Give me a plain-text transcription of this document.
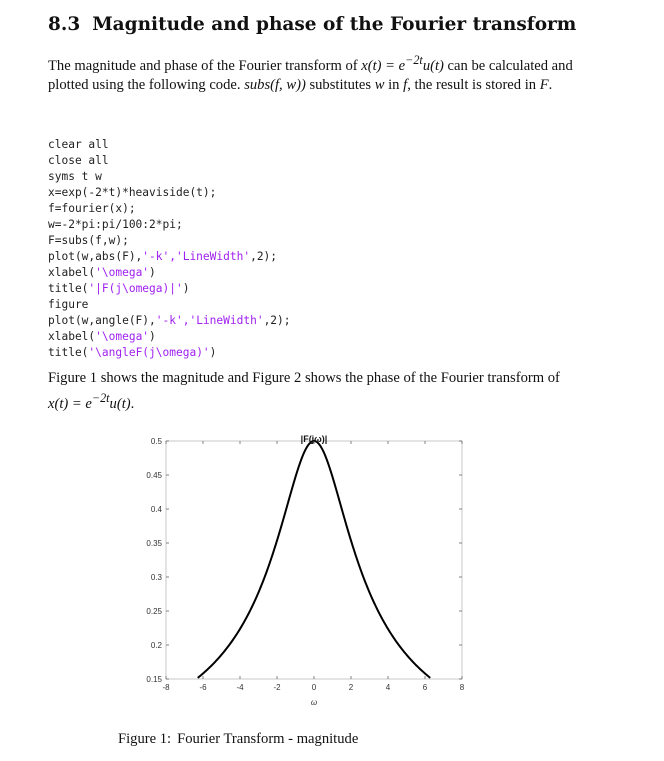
8.3 Magnitude and phase of the Fourier transform

The magnitude and phase of the Fourier transform of $x(t) = e^{-2t}u(t)$ can be calculated and plotted using the following code. subs(f, w)) substitutes w in f, the result is stored in F.

clear all
close all
syms t w
x=exp(-2*t)*heaviside(t);
f=fourier(x);
w=-2*pi:pi/100:2*pi;
F=subs(f,w);
plot(w,abs(F),'-k','LineWidth',2);
xlabel('\omega')
title('|F(j\omega)|')
figure
plot(w,angle(F),'-k','LineWidth',2);
xlabel('\omega')
title('\angleF(j\omega)')

Figure 1 shows the magnitude and Figure 2 shows the phase of the Fourier transform of $x(t) = e^{-2t}u(t)$.

-8	-6	-4	-2	0	2	4	6	8
0.15
0.2
0.25
0.3
0.35
0.4
0.45
0.5	|F(jω)|
ω

Figure 1: Fourier Transform - magnitude
